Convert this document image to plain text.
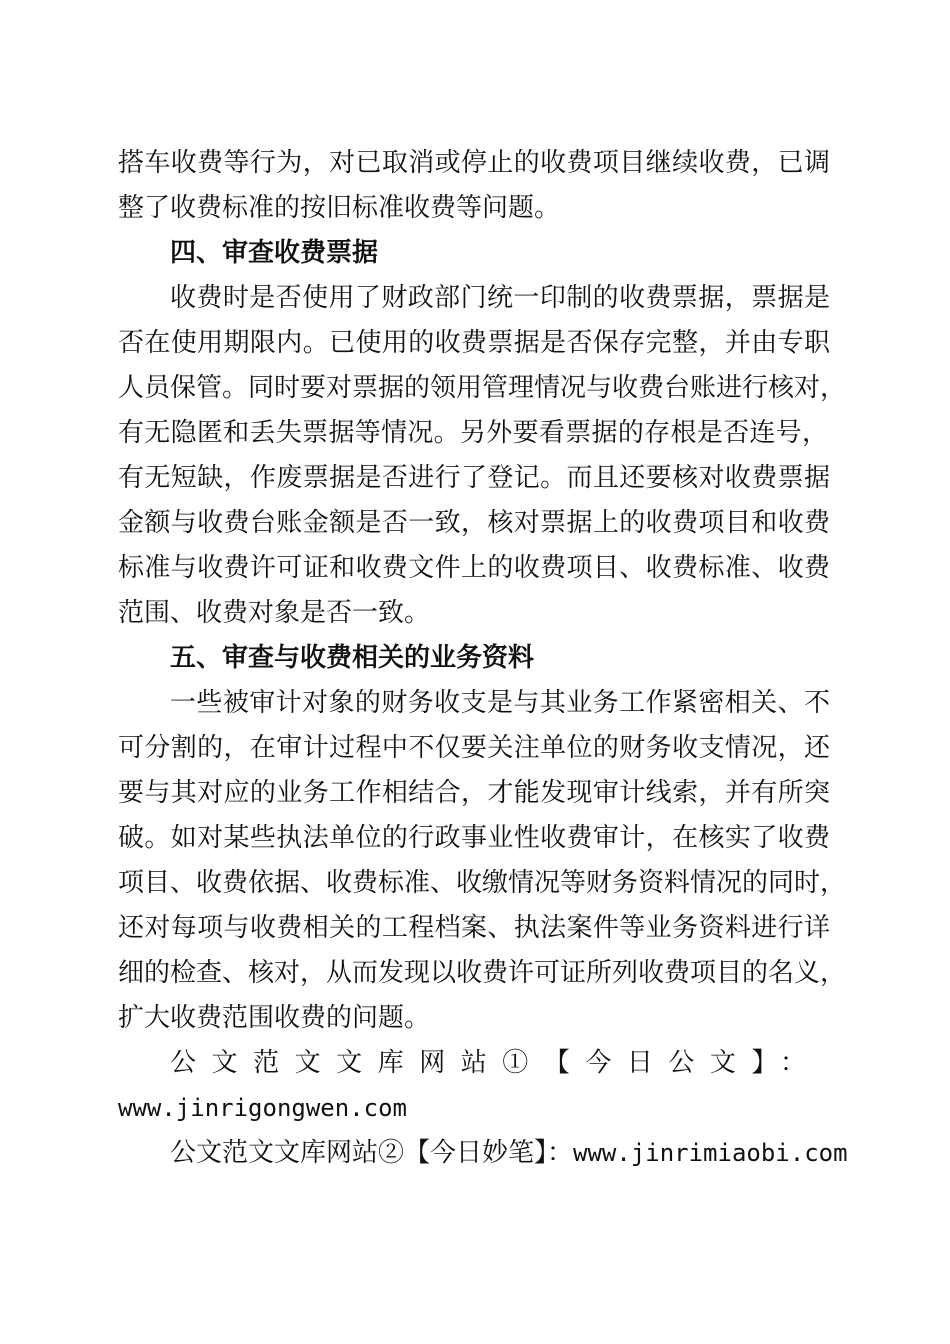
搭车收费等行为，对已取消或停止的收费项目继续收费，已调
整了收费标准的按旧标准收费等问题。
四、审查收费票据
收费时是否使用了财政部门统一印制的收费票据，票据是
否在使用期限内。已使用的收费票据是否保存完整，并由专职
人员保管。同时要对票据的领用管理情况与收费台账进行核对，
有无隐匿和丢失票据等情况。另外要看票据的存根是否连号，
有无短缺，作废票据是否进行了登记。而且还要核对收费票据
金额与收费台账金额是否一致，核对票据上的收费项目和收费
标准与收费许可证和收费文件上的收费项目、收费标准、收费
范围、收费对象是否一致。
五、审查与收费相关的业务资料
一些被审计对象的财务收支是与其业务工作紧密相关、不
可分割的，在审计过程中不仅要关注单位的财务收支情况，还
要与其对应的业务工作相结合，才能发现审计线索，并有所突
破。如对某些执法单位的行政事业性收费审计，在核实了收费
项目、收费依据、收费标准、收缴情况等财务资料情况的同时，
还对每项与收费相关的工程档案、执法案件等业务资料进行详
细的检查、核对，从而发现以收费许可证所列收费项目的名义，
扩大收费范围收费的问题。
公文范文文库网站①【今日公文】：
www.jinrigongwen.com
公文范文文库网站②【今日妙笔】：www.jinrimiaobi.com
